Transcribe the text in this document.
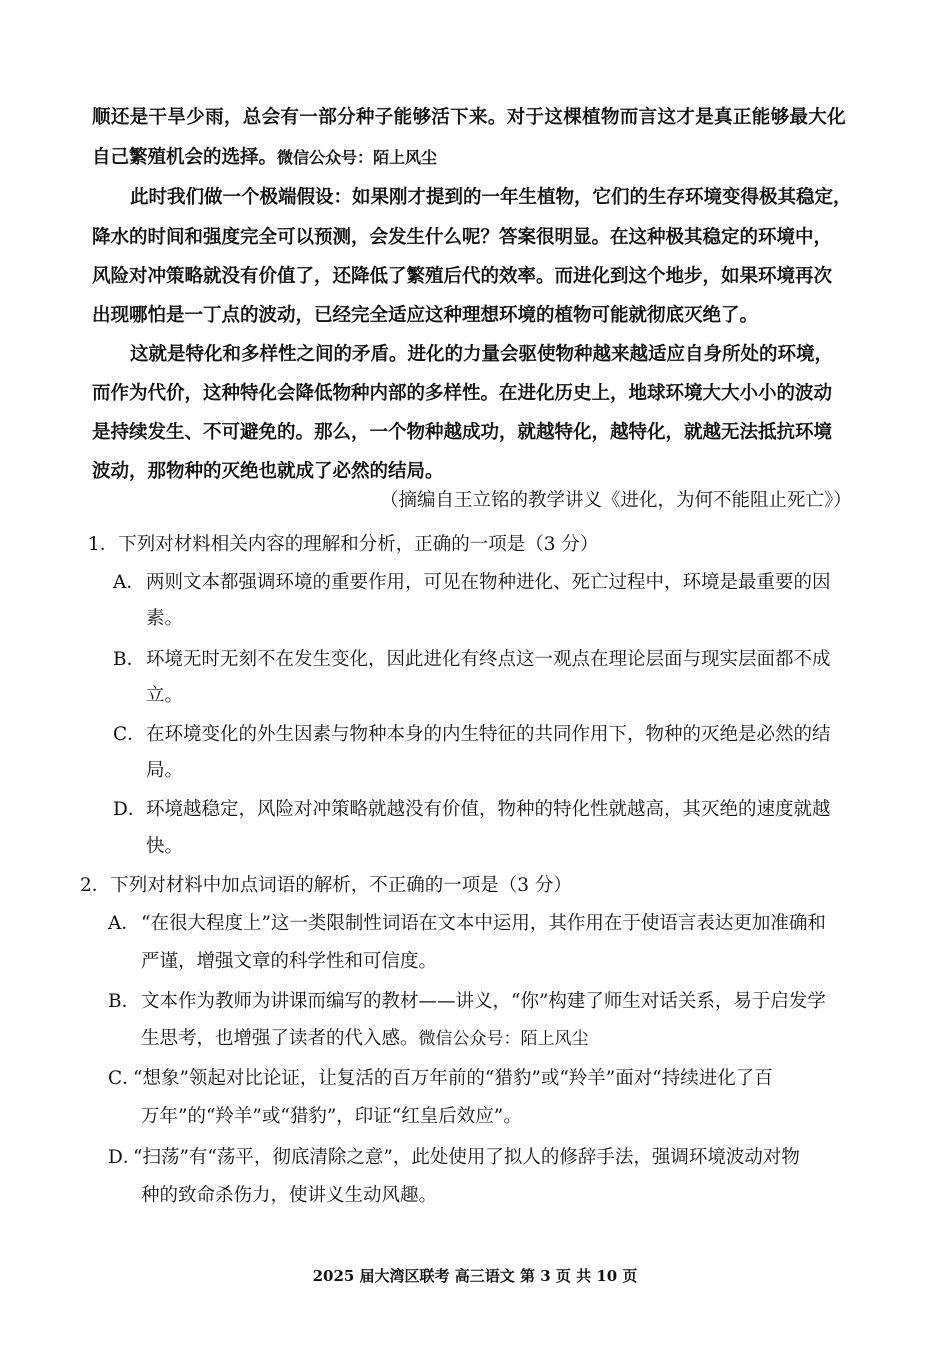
顺还是干旱少雨，总会有一部分种子能够活下来。对于这棵植物而言这才是真正能够最大化
自己繁殖机会的选择。微信公众号：陌上风尘
此时我们做一个极端假设：如果刚才提到的一年生植物，它们的生存环境变得极其稳定，
降水的时间和强度完全可以预测，会发生什么呢？答案很明显。在这种极其稳定的环境中，
风险对冲策略就没有价值了，还降低了繁殖后代的效率。而进化到这个地步，如果环境再次
出现哪怕是一丁点的波动，已经完全适应这种理想环境的植物可能就彻底灭绝了。
这就是特化和多样性之间的矛盾。进化的力量会驱使物种越来越适应自身所处的环境，
而作为代价，这种特化会降低物种内部的多样性。在进化历史上，地球环境大大小小的波动
是持续发生、不可避免的。那么，一个物种越成功，就越特化，越特化，就越无法抵抗环境
波动，那物种的灭绝也就成了必然的结局。
（摘编自王立铭的教学讲义《进化，为何不能阻止死亡》）
1．下列对材料相关内容的理解和分析，正确的一项是（3 分）
A． 两则文本都强调环境的重要作用，可见在物种进化、死亡过程中，环境是最重要的因
素。
B． 环境无时无刻不在发生变化，因此进化有终点这一观点在理论层面与现实层面都不成
立。
C． 在环境变化的外生因素与物种本身的内生特征的共同作用下，物种的灭绝是必然的结
局。
D． 环境越稳定，风险对冲策略就越没有价值，物种的特化性就越高，其灭绝的速度就越
快。
2．下列对材料中加点词语的解析，不正确的一项是（3 分）
A． “在很大程度上”这一类限制性词语在文本中运用，其作用在于使语言表达更加准确和
严谨，增强文章的科学性和可信度。
B． 文本作为教师为讲课而编写的教材——讲义，“你”构建了师生对话关系，易于启发学
生思考，也增强了读者的代入感。微信公众号：陌上风尘
C．
“想象”领起对比论证，让复活的百万年前的“猎豹”或“羚羊”面对“持续进化了百
万年”的“羚羊”或“猎豹”，印证“红皇后效应”。
D．
“扫荡”有“荡平，彻底清除之意”，此处使用了拟人的修辞手法，强调环境波动对物
种的致命杀伤力，使讲义生动风趣。
2025 届大湾区联考 高三语文 第 3 页 共 10 页
